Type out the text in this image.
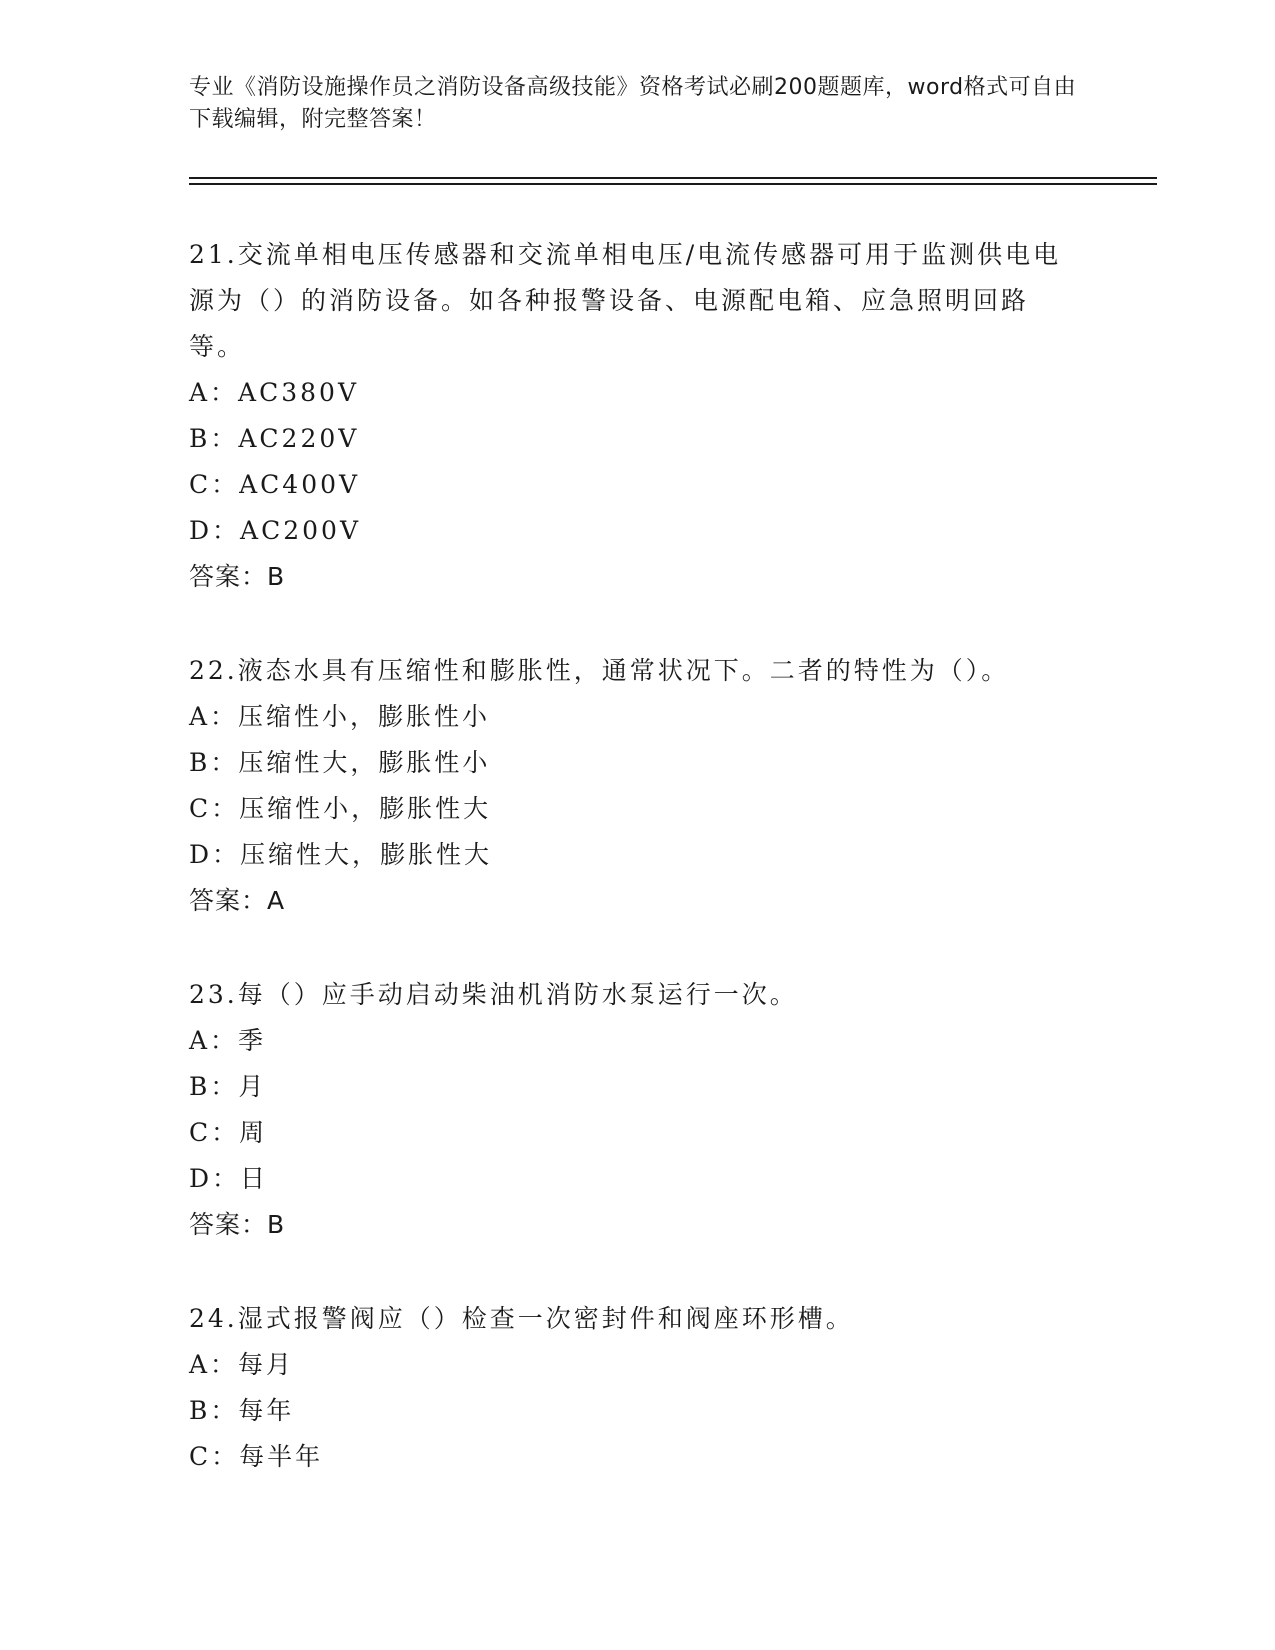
专业《消防设施操作员之消防设备高级技能》资格考试必刷200题题库，word格式可自由下载编辑，附完整答案！
21.交流单相电压传感器和交流单相电压/电流传感器可用于监测供电电源为（）的消防设备。如各种报警设备、电源配电箱、应急照明回路等。
A：AC380V
B：AC220V
C：AC400V
D：AC200V
答案：B
22.液态水具有压缩性和膨胀性，通常状况下。二者的特性为（）。
A：压缩性小，膨胀性小
B：压缩性大，膨胀性小
C：压缩性小，膨胀性大
D：压缩性大，膨胀性大
答案：A
23.每（）应手动启动柴油机消防水泵运行一次。
A：季
B：月
C：周
D：日
答案：B
24.湿式报警阀应（）检查一次密封件和阀座环形槽。
A：每月
B：每年
C：每半年
